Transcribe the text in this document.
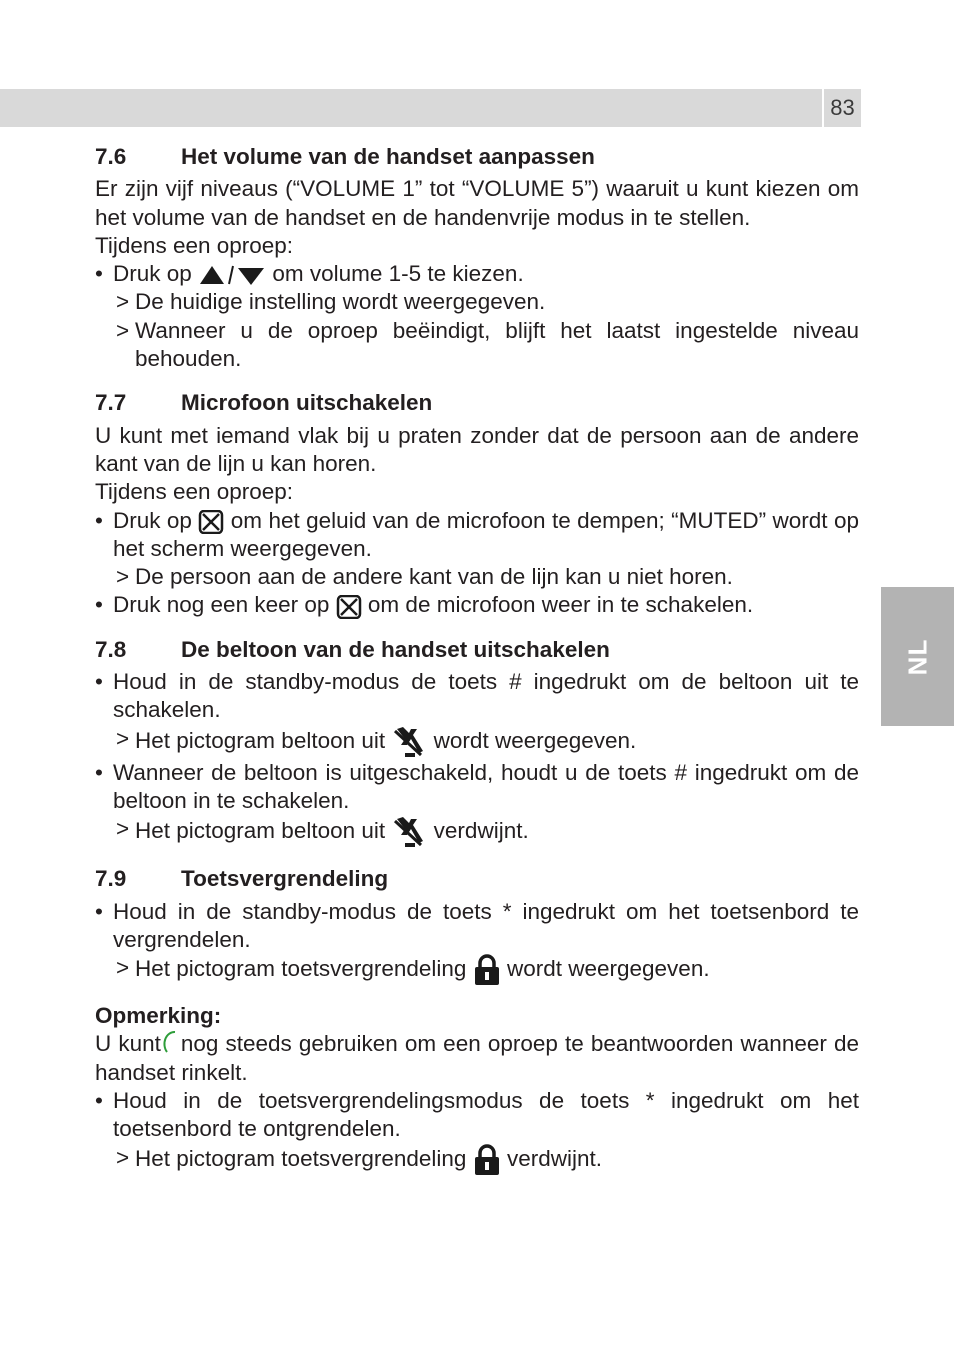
83
NL
7.6	Het volume van de handset aanpassen

Er zijn vijf niveaus (“VOLUME 1” tot “VOLUME 5”) waaruit u kunt kiezen om het volume van de handset en de handenvrije modus in te stellen.

Tijdens een oproep:

• Druk op	om volume 1-5 te kiezen.
> De huidige instelling wordt weergegeven.
> Wanneer u de oproep beëindigt, blijft het laatst ingestelde niveau behouden.
7.7	Microfoon uitschakelen

U kunt met iemand vlak bij u praten zonder dat de persoon aan de andere kant van de lijn u kan horen.

Tijdens een oproep:

• Druk op om het geluid van de microfoon te dempen; “MUTED” wordt op het scherm weergegeven.
> De persoon aan de andere kant van de lijn kan u niet horen.
• Druk nog een keer op om de microfoon weer in te schakelen.
7.8	De beltoon van de handset uitschakelen
• Houd in de standby-modus de toets # ingedrukt om de beltoon uit te schakelen.
> Het pictogram beltoon uit wordt weergegeven.
• Wanneer de beltoon is uitgeschakeld, houdt u de toets # ingedrukt om de beltoon in te schakelen.
> Het pictogram beltoon uit verdwijnt.
7.9	Toetsvergrendeling
• Houd in de standby-modus de toets * ingedrukt om het toetsenbord te vergrendelen.
> Het pictogram toetsvergrendeling wordt weergegeven.

Opmerking:

U kunt nog steeds gebruiken om een oproep te beantwoorden wanneer de handset rinkelt.

• Houd in de toetsvergrendelingsmodus de toets * ingedrukt om het toetsenbord te ontgrendelen.
> Het pictogram toetsvergrendeling verdwijnt.
